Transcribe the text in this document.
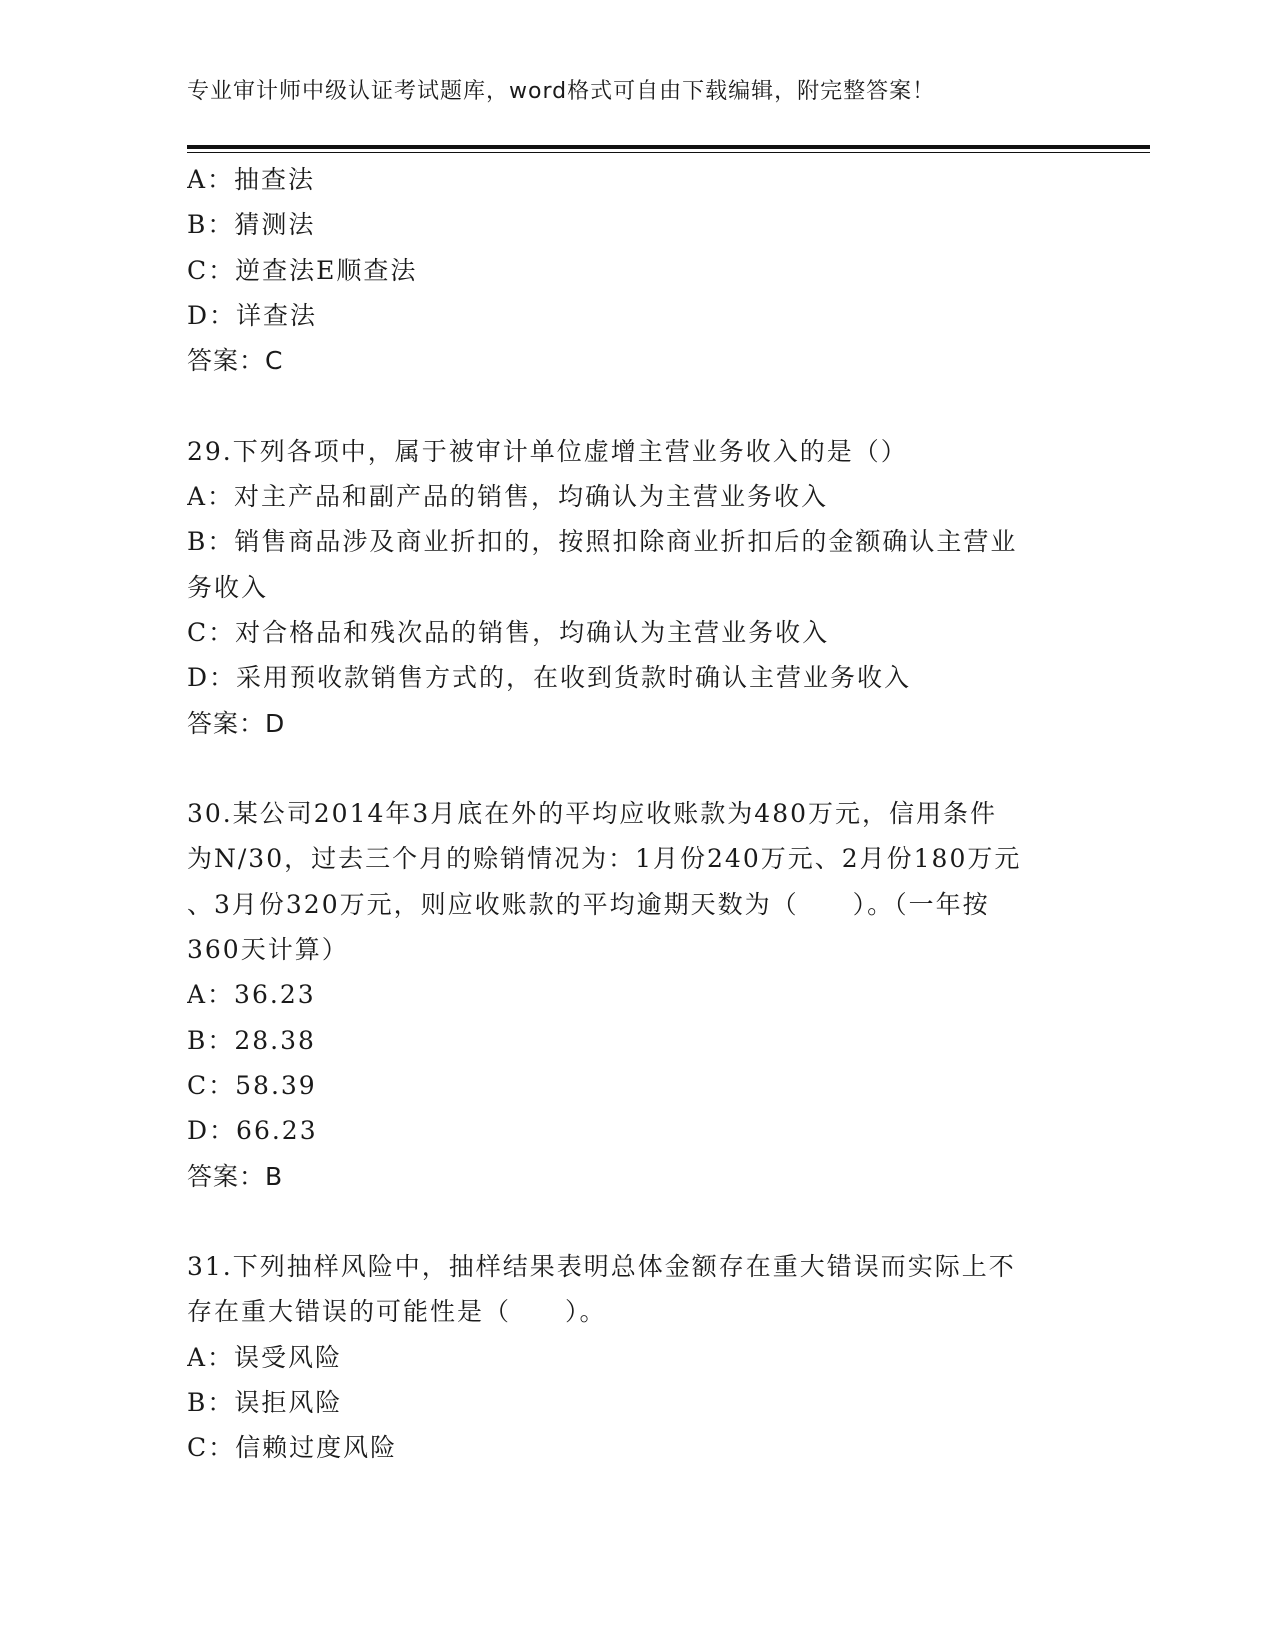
专业审计师中级认证考试题库，word格式可自由下载编辑，附完整答案！
A：抽查法
B：猜测法
C：逆查法E顺查法
D：详查法
答案：C
29.下列各项中，属于被审计单位虚增主营业务收入的是（）
A：对主产品和副产品的销售，均确认为主营业务收入
B：销售商品涉及商业折扣的，按照扣除商业折扣后的金额确认主营业
务收入
C：对合格品和残次品的销售，均确认为主营业务收入
D：采用预收款销售方式的，在收到货款时确认主营业务收入
答案：D
30.某公司2014年3月底在外的平均应收账款为480万元，信用条件
为N/30，过去三个月的赊销情况为：1月份240万元、2月份180万元
、3月份320万元，则应收账款的平均逾期天数为（　　）。（一年按
360天计算）
A：36.23
B：28.38
C：58.39
D：66.23
答案：B
31.下列抽样风险中，抽样结果表明总体金额存在重大错误而实际上不
存在重大错误的可能性是（　　）。
A：误受风险
B：误拒风险
C：信赖过度风险
